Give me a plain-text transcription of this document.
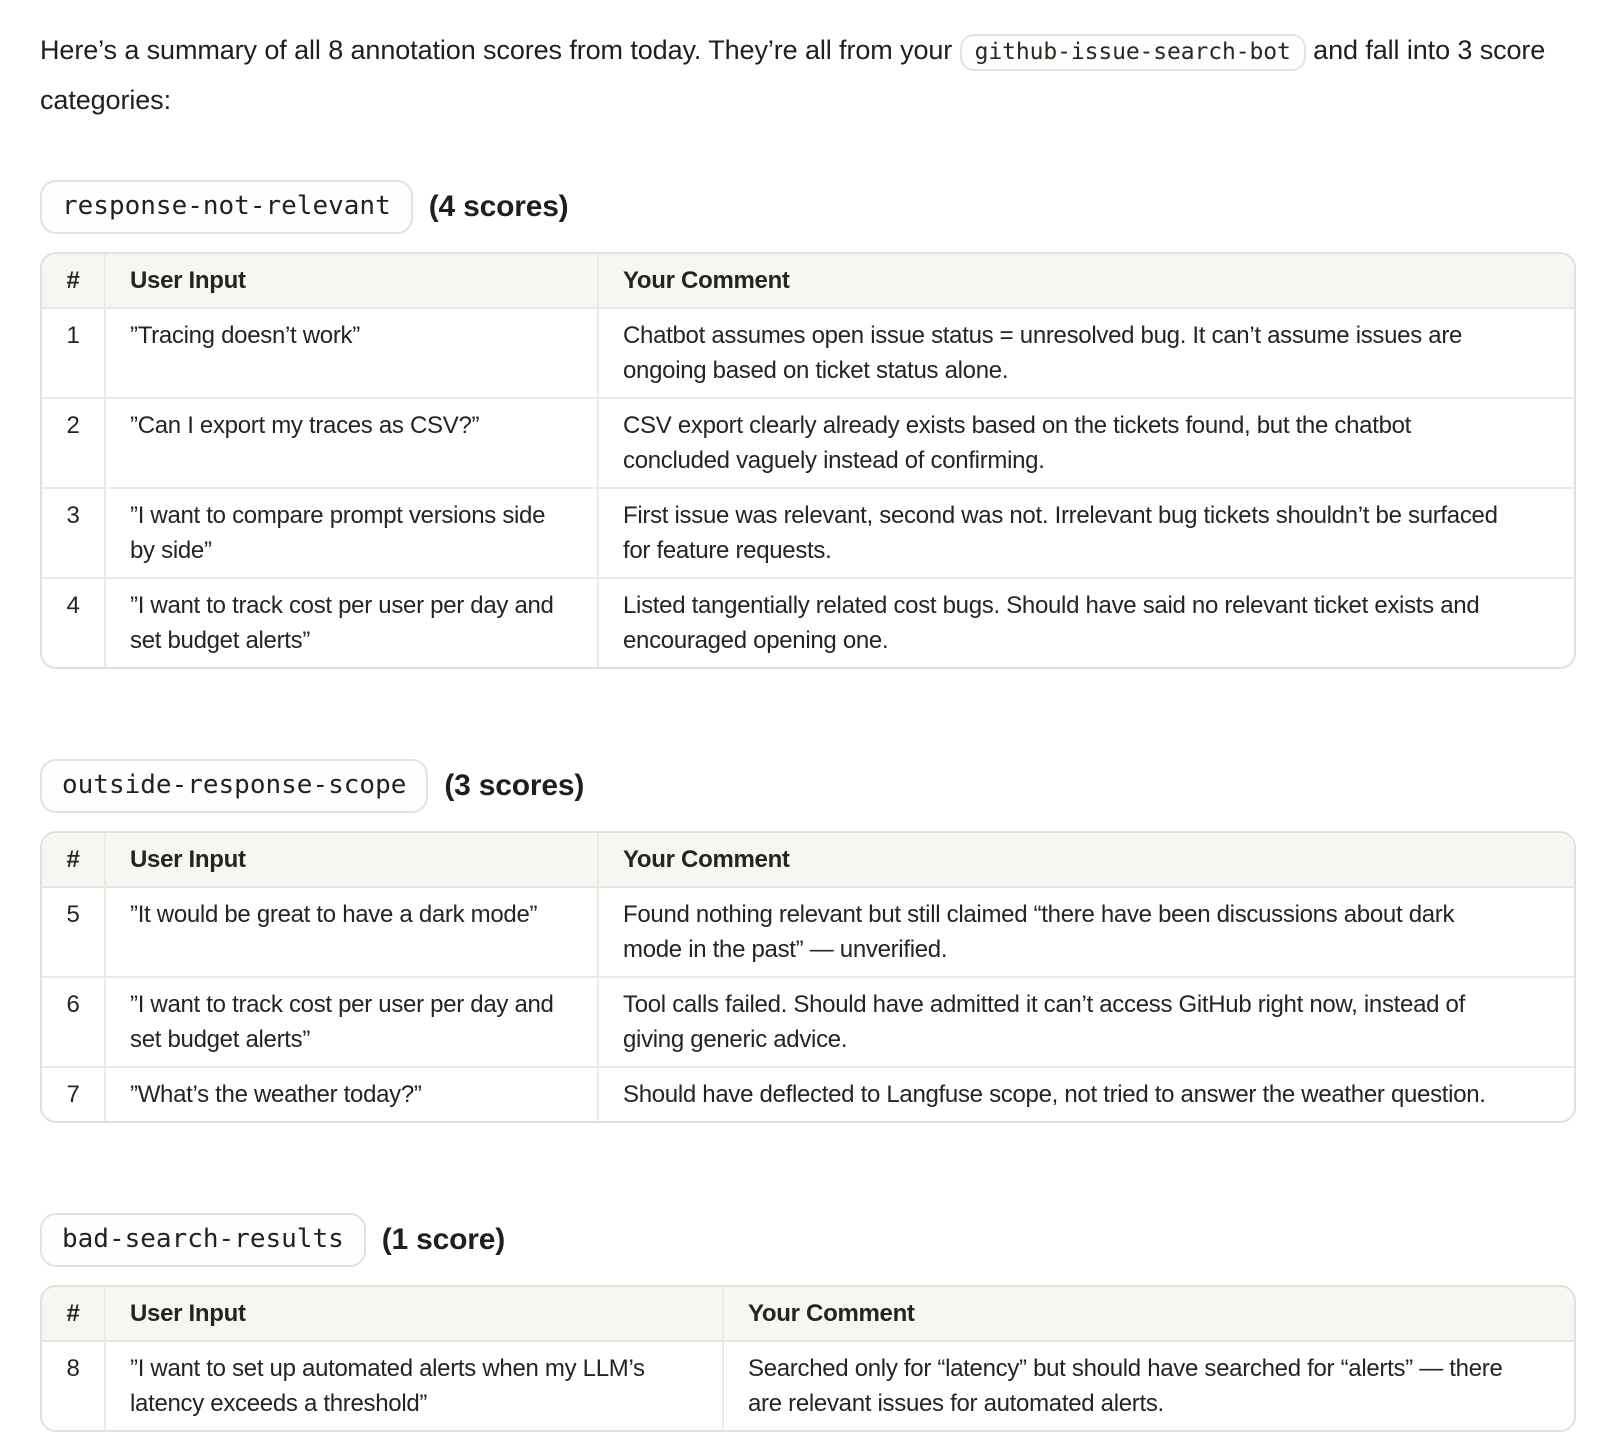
Here’s a summary of all 8 annotation scores from today. They’re all from your github-issue-search-bot and fall into 3 score categories:

response-not-relevant	(4 scores)
#	User Input	Your Comment
1	”Tracing doesn’t work”	Chatbot assumes open issue status = unresolved bug. It can’t assume issues are ongoing based on ticket status alone.
2	”Can I export my traces as CSV?”	CSV export clearly already exists based on the tickets found, but the chatbot concluded vaguely instead of confirming.
3	”I want to compare prompt versions side by side”	First issue was relevant, second was not. Irrelevant bug tickets shouldn’t be surfaced for feature requests.
4	”I want to track cost per user per day and set budget alerts”	Listed tangentially related cost bugs. Should have said no relevant ticket exists and encouraged opening one.
outside-response-scope	(3 scores)
#	User Input	Your Comment
5	”It would be great to have a dark mode”	Found nothing relevant but still claimed “there have been discussions about dark mode in the past” — unverified.
6	”I want to track cost per user per day and set budget alerts”	Tool calls failed. Should have admitted it can’t access GitHub right now, instead of giving generic advice.
7	”What’s the weather today?”	Should have deflected to Langfuse scope, not tried to answer the weather question.
bad-search-results	(1 score)
#	User Input	Your Comment
8	”I want to set up automated alerts when my LLM’s latency exceeds a threshold”	Searched only for “latency” but should have searched for “alerts” — there are relevant issues for automated alerts.
